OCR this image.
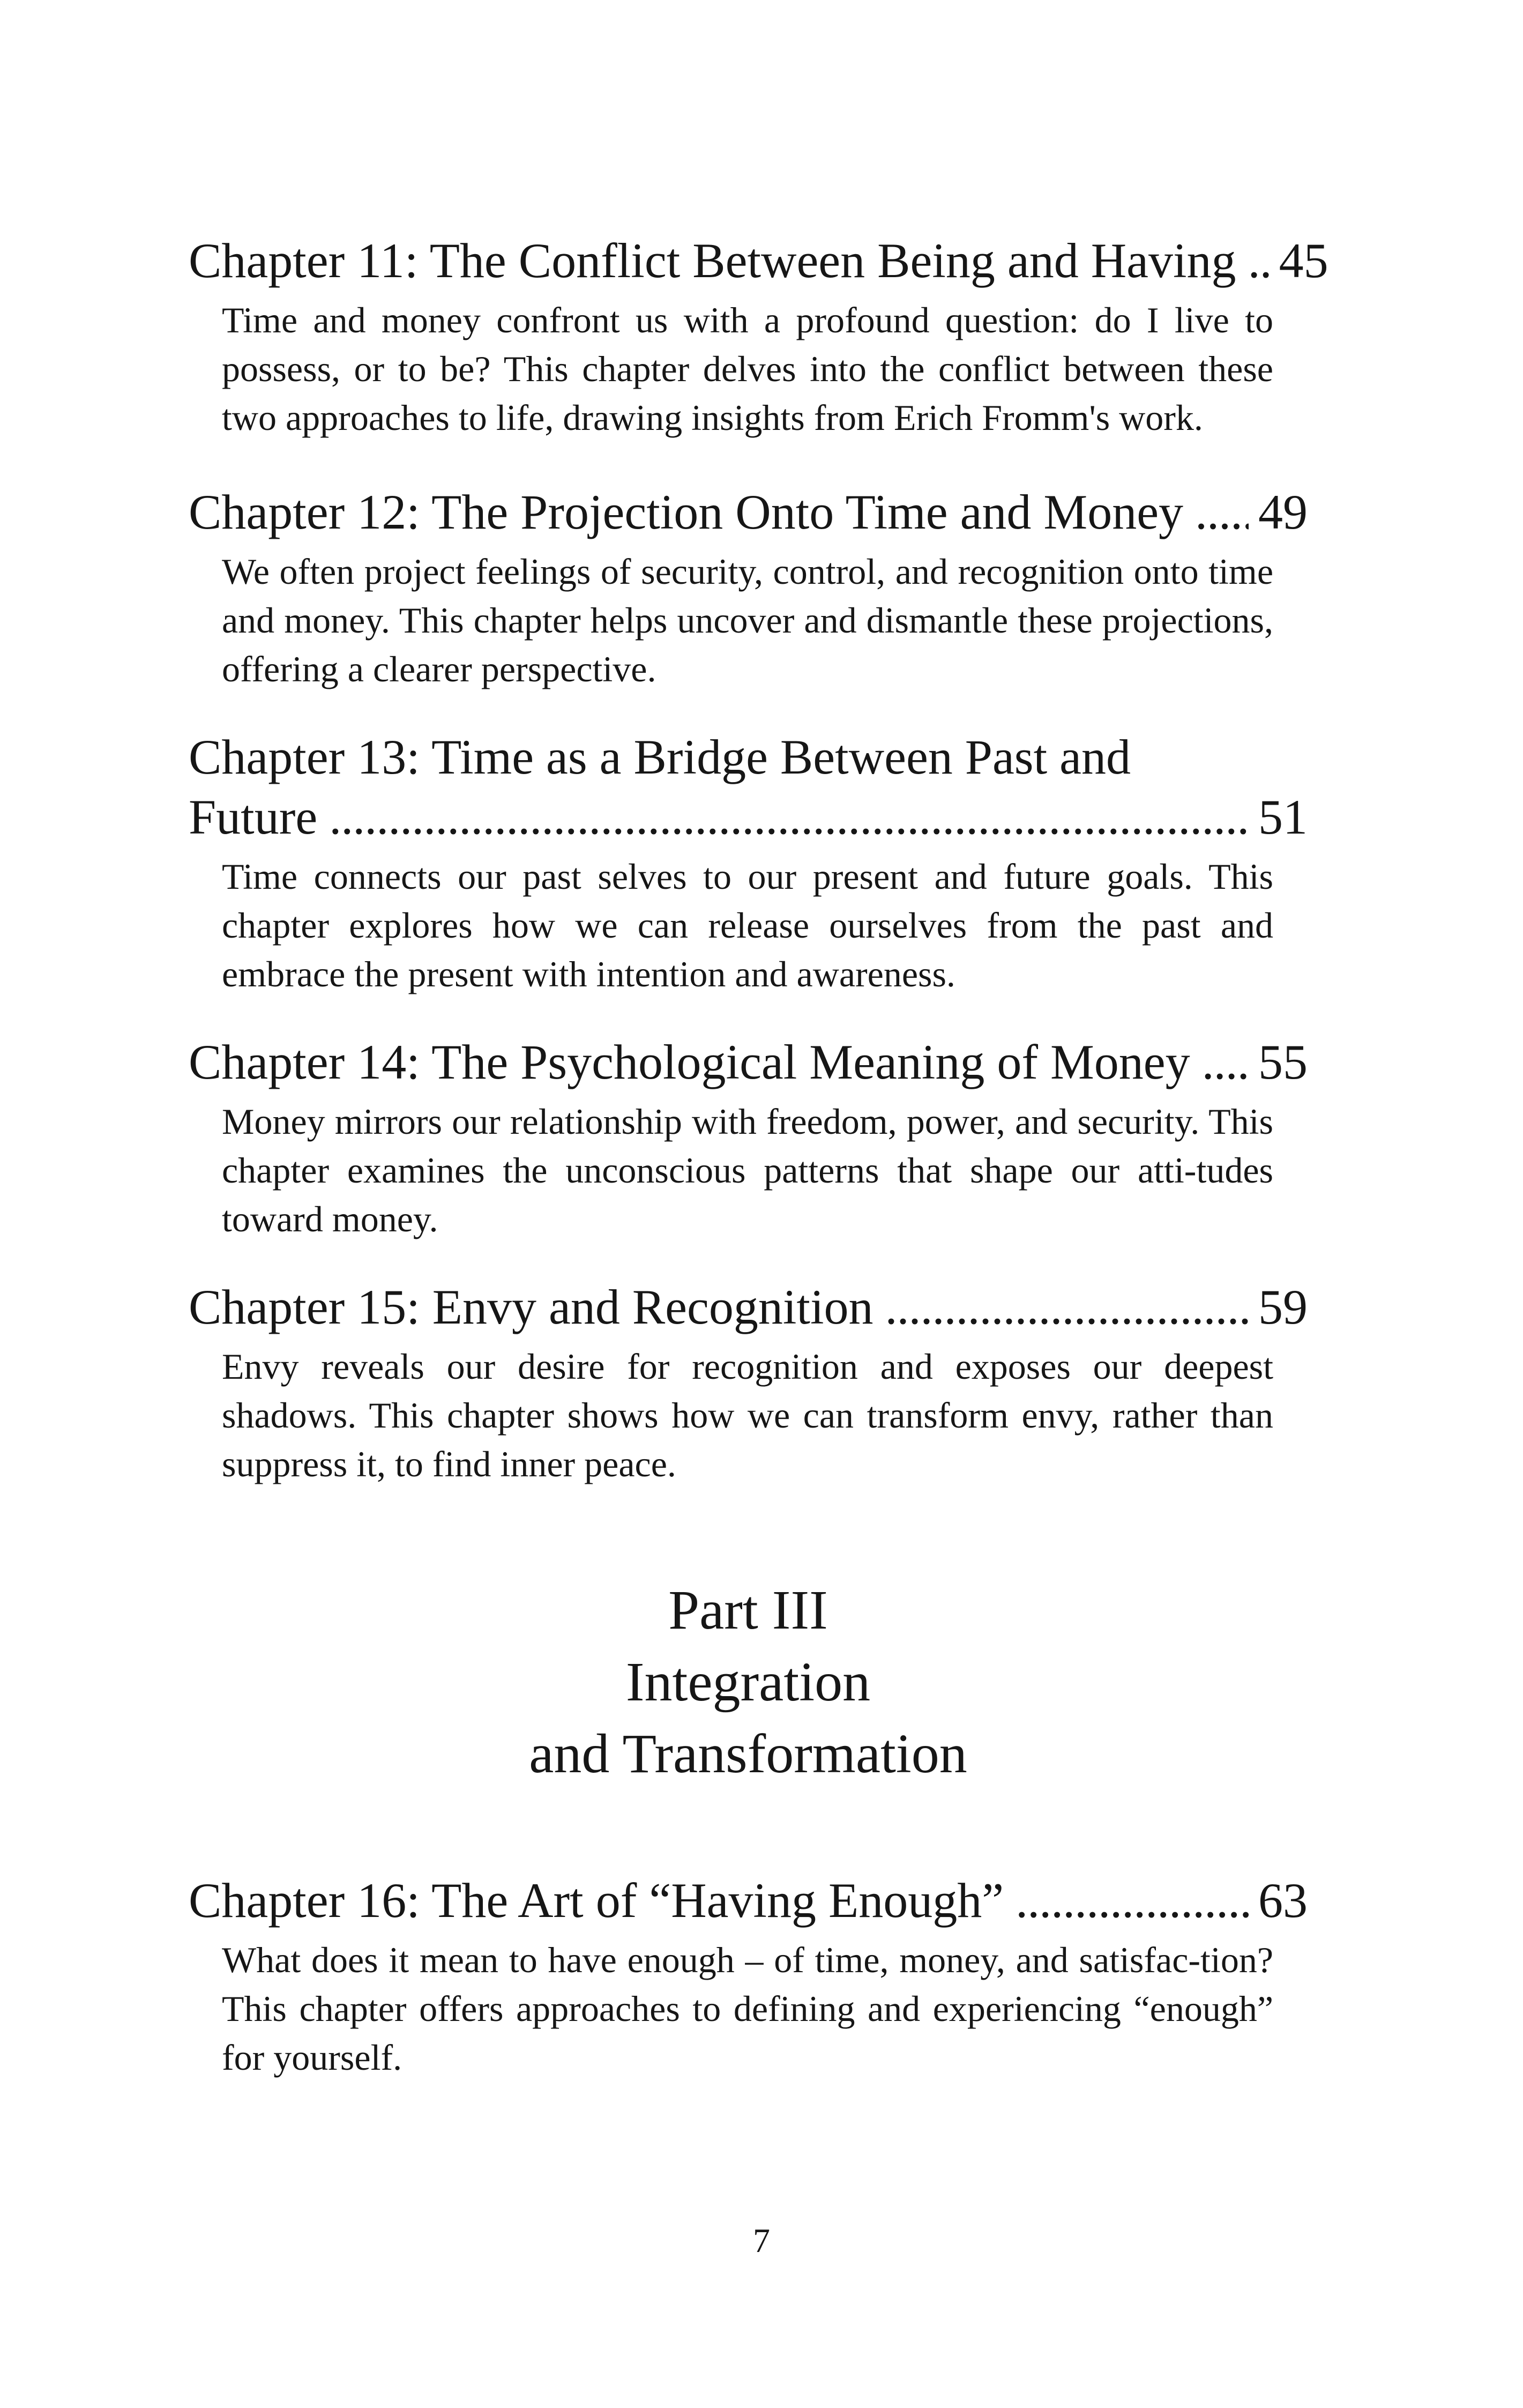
Chapter 11: The Conflict Between Being and Having . . . 45

Time and money confront us with a profound question: do I live to possess, or to be? This chapter delves into the conflict between these two approaches to life, drawing insights from Erich Fromm's work.

Chapter 12: The Projection Onto Time and Money . . . 49

We often project feelings of security, control, and recognition onto time and money. This chapter helps uncover and dismantle these projections, offering a clearer perspective.

Chapter 13: Time as a Bridge Between Past and
Future . . .	51

Time connects our past selves to our present and future goals. This chapter explores how we can release ourselves from the past and embrace the present with intention and awareness.

Chapter 14: The Psychological Meaning of Money . . . 55

Money mirrors our relationship with freedom, power, and security. This chapter examines the unconscious patterns that shape our atti-tudes toward money.

Chapter 15: Envy and Recognition . . .	59

Envy reveals our desire for recognition and exposes our deepest shadows. This chapter shows how we can transform envy, rather than suppress it, to find inner peace.

Part III
Integration
and Transformation
Chapter 16: The Art of “Having Enough” . . .	63

What does it mean to have enough – of time, money, and satisfac-tion? This chapter offers approaches to defining and experiencing “enough” for yourself.

7
